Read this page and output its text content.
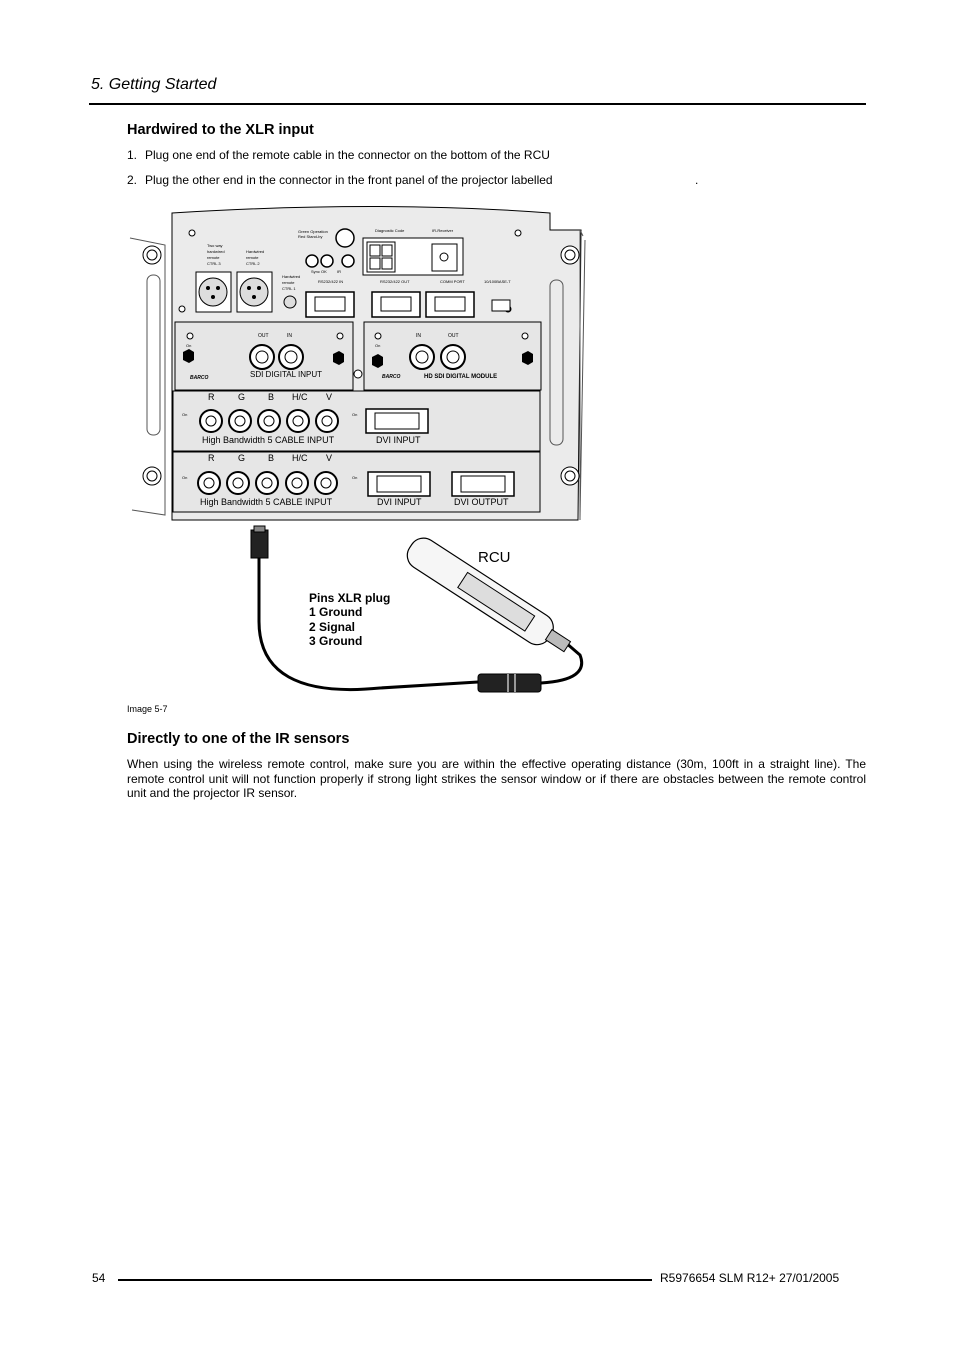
5. Getting Started
Hardwired to the XLR input
1. Plug one end of the remote cable in the connector on the bottom of the RCU
2. Plug the other end in the connector in the front panel of the projector labelled	.
Two way
hardwired
remote
CTRL 3
Hardwired
remote
CTRL 2
Hardwired
remote
CTRL 1
Green Operation
Red Stand-by
Sync OK	IR
Diagnostic Code	IR-Receiver
RS232/422 IN	RS232/422 OUT	COMM PORT	10/100BASE-T
On
OUT	IN
SDI DIGITAL INPUT
BARCO
On
IN	OUT
BARCO	HD SDI DIGITAL MODULE
R	G	B H/C V
On
High Bandwidth 5 CABLE INPUT
On
DVI INPUT
R	G	B H/C V
On
High Bandwidth 5 CABLE INPUT
On
DVI INPUT	DVI OUTPUT
RCU
Pins XLR plug
1 Ground
2 Signal
3 Ground
Image 5-7
Directly to one of the IR sensors
When using the wireless remote control, make sure you are within the effective operating distance (30m, 100ft in a straight line). The remote control unit will not function properly if strong light strikes the sensor window or if there are obstacles between the remote control unit and the projector IR sensor.
54	R5976654 SLM R12+ 27/01/2005
